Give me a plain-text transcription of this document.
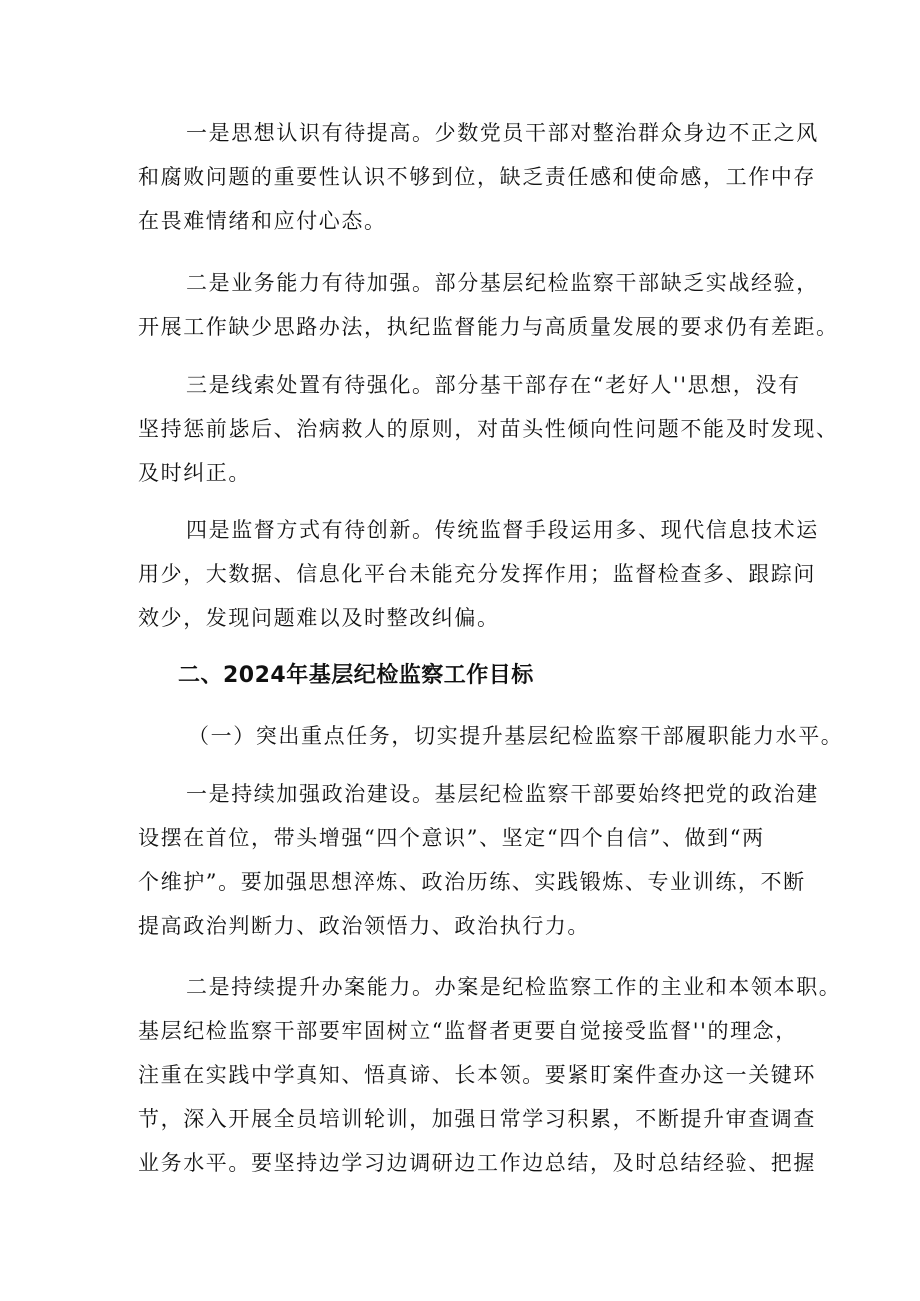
一是思想认识有待提高。少数党员干部对整治群众身边不正之风
和腐败问题的重要性认识不够到位，缺乏责任感和使命感，工作中存
在畏难情绪和应付心态。
二是业务能力有待加强。部分基层纪检监察干部缺乏实战经验，
开展工作缺少思路办法，执纪监督能力与高质量发展的要求仍有差距。
三是线索处置有待强化。部分基干部存在“老好人''思想，没有
坚持惩前毖后、治病救人的原则，对苗头性倾向性问题不能及时发现、
及时纠正。
四是监督方式有待创新。传统监督手段运用多、现代信息技术运
用少，大数据、信息化平台未能充分发挥作用；监督检查多、跟踪问
效少，发现问题难以及时整改纠偏。
二、2024年基层纪检监察工作目标
（一）突出重点任务，切实提升基层纪检监察干部履职能力水平。
一是持续加强政治建设。基层纪检监察干部要始终把党的政治建
设摆在首位，带头增强“四个意识”、坚定“四个自信”、做到“两
个维护”。要加强思想淬炼、政治历练、实践锻炼、专业训练，不断
提高政治判断力、政治领悟力、政治执行力。
二是持续提升办案能力。办案是纪检监察工作的主业和本领本职。
基层纪检监察干部要牢固树立“监督者更要自觉接受监督''的理念，
注重在实践中学真知、悟真谛、长本领。要紧盯案件查办这一关键环
节，深入开展全员培训轮训，加强日常学习积累，不断提升审查调查
业务水平。要坚持边学习边调研边工作边总结，及时总结经验、把握
